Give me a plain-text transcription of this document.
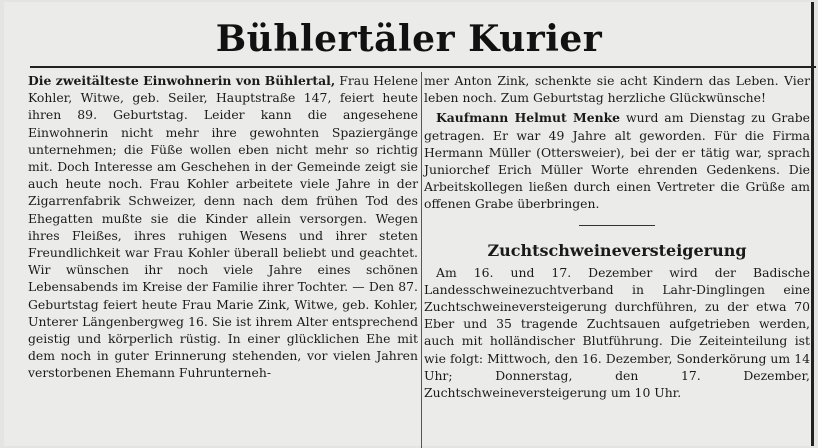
Bühlertäler Kurier

Die zweitälteste Einwohnerin von Bühlertal, Frau Helene Kohler, Witwe, geb. Seiler, Hauptstraße 147, feiert heute ihren 89. Geburtstag. Leider kann die angesehene Einwohnerin nicht mehr ihre gewohnten Spaziergänge unternehmen; die Füße wollen eben nicht mehr so richtig mit. Doch Interesse am Geschehen in der Gemeinde zeigt sie auch heute noch. Frau Kohler arbeitete viele Jahre in der Zigarrenfabrik Schweizer, denn nach dem frühen Tod des Ehegatten mußte sie die Kinder allein versorgen. Wegen ihres Fleißes, ihres ruhigen Wesens und ihrer steten Freundlichkeit war Frau Kohler überall beliebt und geachtet. Wir wünschen ihr noch viele Jahre eines schönen Lebensabends im Kreise der Familie ihrer Tochter. — Den 87. Geburtstag feiert heute Frau Marie Zink, Witwe, geb. Kohler, Unterer Längenbergweg 16. Sie ist ihrem Alter entsprechend geistig und körperlich rüstig. In einer glücklichen Ehe mit dem noch in guter Erinnerung stehenden, vor vielen Jahren verstorbenen Ehemann Fuhrunterneh-

mer Anton Zink, schenkte sie acht Kindern das Leben. Vier leben noch. Zum Geburtstag herzliche Glückwünsche!

Kaufmann Helmut Menke wurd am Dienstag zu Grabe getragen. Er war 49 Jahre alt geworden. Für die Firma Hermann Müller (Ottersweier), bei der er tätig war, sprach Juniorchef Erich Müller Worte ehrenden Gedenkens. Die Arbeitskollegen ließen durch einen Vertreter die Grüße am offenen Grabe überbringen.

Zuchtschweineversteigerung

Am 16. und 17. Dezember wird der Badische Landesschweinezuchtverband in Lahr-Dinglingen eine Zuchtschweineversteigerung durchführen, zu der etwa 70 Eber und 35 tragende Zuchtsauen aufgetrieben werden, auch mit holländischer Blutführung. Die Zeiteinteilung ist wie folgt: Mittwoch, den 16. Dezember, Sonderkörung um 14 Uhr; Donnerstag, den 17. Dezember, Zuchtschweineversteigerung um 10 Uhr.
